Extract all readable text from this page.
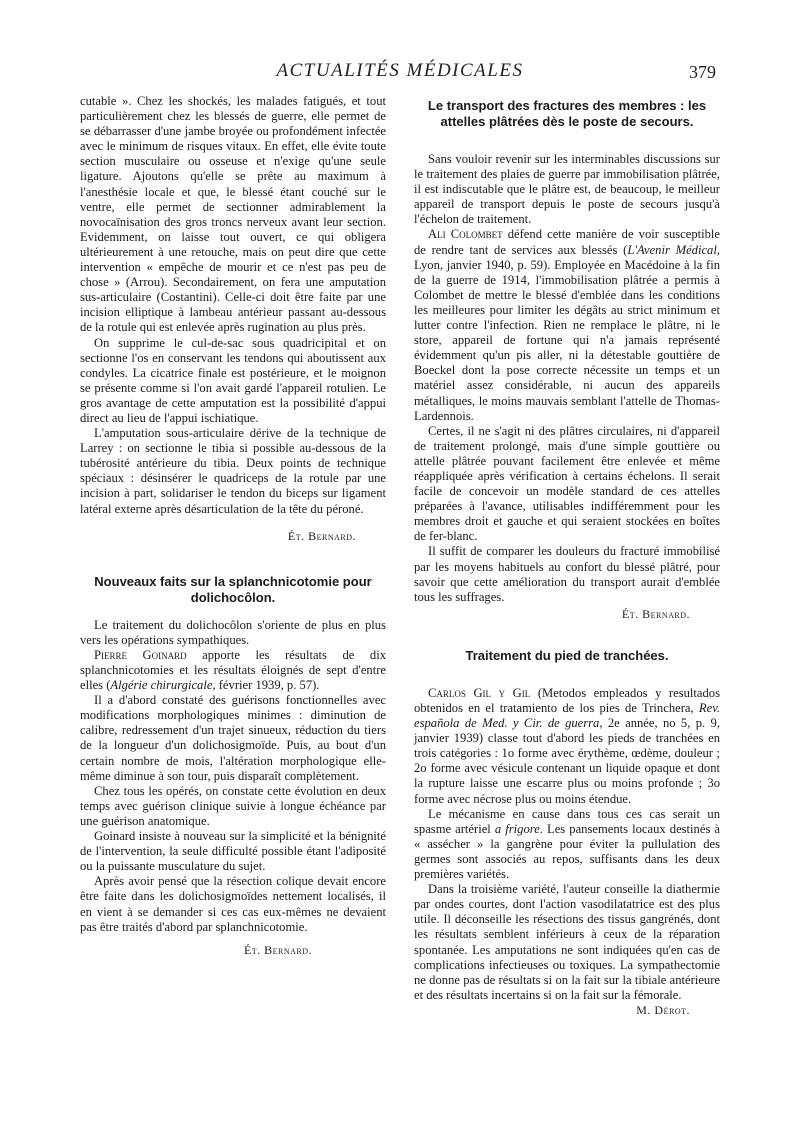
ACTUALITÉS MÉDICALES	379

cutable ». Chez les shockés, les malades fatigués, et tout particulièrement chez les blessés de guerre, elle permet de se débarrasser d'une jambe broyée ou profondément infectée avec le minimum de risques vitaux. En effet, elle évite toute section musculaire ou osseuse et n'exige qu'une seule ligature. Ajoutons qu'elle se prête au maximum à l'anesthésie locale et que, le blessé étant couché sur le ventre, elle permet de sectionner admirablement la novocaïnisation des gros troncs nerveux avant leur section. Evidemment, on laisse tout ouvert, ce qui obligera ultérieurement à une retouche, mais on peut dire que cette intervention « empêche de mourir et ce n'est pas peu de chose » (Arrou). Secondairement, on fera une amputation sus-articulaire (Costantini). Celle-ci doit être faite par une incision elliptique à lambeau antérieur passant au-dessous de la rotule qui est enlevée après rugination au plus près.

On supprime le cul-de-sac sous quadricipital et on sectionne l'os en conservant les tendons qui aboutissent aux condyles. La cicatrice finale est postérieure, et le moignon se présente comme si l'on avait gardé l'appareil rotulien. Le gros avantage de cette amputation est la possibilité d'appui direct au lieu de l'appui ischiatique.

L'amputation sous-articulaire dérive de la technique de Larrey : on sectionne le tibia si possible au-dessous de la tubérosité antérieure du tibia. Deux points de technique spéciaux : désinsérer le quadriceps de la rotule par une incision à part, solidariser le tendon du biceps sur ligament latéral externe après désarticulation de la tête du péroné.

Ét. Bernard.
Nouveaux faits sur la splanchnicotomie pour dolichocôlon.

Le traitement du dolichocôlon s'oriente de plus en plus vers les opérations sympathiques.

Pierre Goinard apporte les résultats de dix splanchnicotomies et les résultats éloignés de sept d'entre elles (Algérie chirurgicale, février 1939, p. 57).

Il a d'abord constaté des guérisons fonctionnelles avec modifications morphologiques minimes : diminution de calibre, redressement d'un trajet sinueux, réduction du tiers de la longueur d'un dolichosigmoïde. Puis, au bout d'un certain nombre de mois, l'altération morphologique elle-même diminue à son tour, puis disparaît complètement.

Chez tous les opérés, on constate cette évolution en deux temps avec guérison clinique suivie à longue échéance par une guérison anatomique.

Goinard insiste à nouveau sur la simplicité et la bénignité de l'intervention, la seule difficulté possible étant l'adiposité ou la puissante musculature du sujet.

Après avoir pensé que la résection colique devait encore être faite dans les dolichosigmoïdes nettement localisés, il en vient à se demander si ces cas eux-mêmes ne devaient pas être traités d'abord par splanchnicotomie.

Ét. Bernard.
Le transport des fractures des membres : les attelles plâtrées dès le poste de secours.

Sans vouloir revenir sur les interminables discussions sur le traitement des plaies de guerre par immobilisation plâtrée, il est indiscutable que le plâtre est, de beaucoup, le meilleur appareil de transport depuis le poste de secours jusqu'à l'échelon de traitement.

Ali Colombet défend cette manière de voir susceptible de rendre tant de services aux blessés (L'Avenir Médical, Lyon, janvier 1940, p. 59). Employée en Macédoine à la fin de la guerre de 1914, l'immobilisation plâtrée a permis à Colombet de mettre le blessé d'emblée dans les conditions les meilleures pour limiter les dégâts au strict minimum et lutter contre l'infection. Rien ne remplace le plâtre, ni le store, appareil de fortune qui n'a jamais représenté évidemment qu'un pis aller, ni la détestable gouttière de Boeckel dont la pose correcte nécessite un temps et un matériel assez considérable, ni aucun des appareils métalliques, le moins mauvais semblant l'attelle de Thomas-Lardennois.

Certes, il ne s'agit ni des plâtres circulaires, ni d'appareil de traitement prolongé, mais d'une simple gouttière ou attelle plâtrée pouvant facilement être enlevée et même réappliquée après vérification à certains échelons. Il serait facile de concevoir un modèle standard de ces attelles préparées à l'avance, utilisables indifféremment pour les membres droit et gauche et qui seraient stockées en boîtes de fer-blanc.

Il suffit de comparer les douleurs du fracturé immobilisé par les moyens habituels au confort du blessé plâtré, pour savoir que cette amélioration du transport aurait d'emblée tous les suffrages.

Ét. Bernard.
Traitement du pied de tranchées.

Carlos Gil y Gil (Metodos empleados y resultados obtenidos en el tratamiento de los pies de Trinchera, Rev. española de Med. y Cir. de guerra, 2e année, no 5, p. 9, janvier 1939) classe tout d'abord les pieds de tranchées en trois catégories : 1o forme avec érythème, œdème, douleur ; 2o forme avec vésicule contenant un liquide opaque et dont la rupture laisse une escarre plus ou moins profonde ; 3o forme avec nécrose plus ou moins étendue.

Le mécanisme en cause dans tous ces cas serait un spasme artériel a frigore. Les pansements locaux destinés à « assécher » la gangrène pour éviter la pullulation des germes sont associés au repos, suffisants dans les deux premières variétés.

Dans la troisième variété, l'auteur conseille la diathermie par ondes courtes, dont l'action vasodilatatrice est des plus utile. Il déconseille les résections des tissus gangrénés, dont les résultats semblent inférieurs à ceux de la réparation spontanée. Les amputations ne sont indiquées qu'en cas de complications infectieuses ou toxiques. La sympathectomie ne donne pas de résultats si on la fait sur la tibiale antérieure et des résultats incertains si on la fait sur la fémorale.

M. Dérot.
